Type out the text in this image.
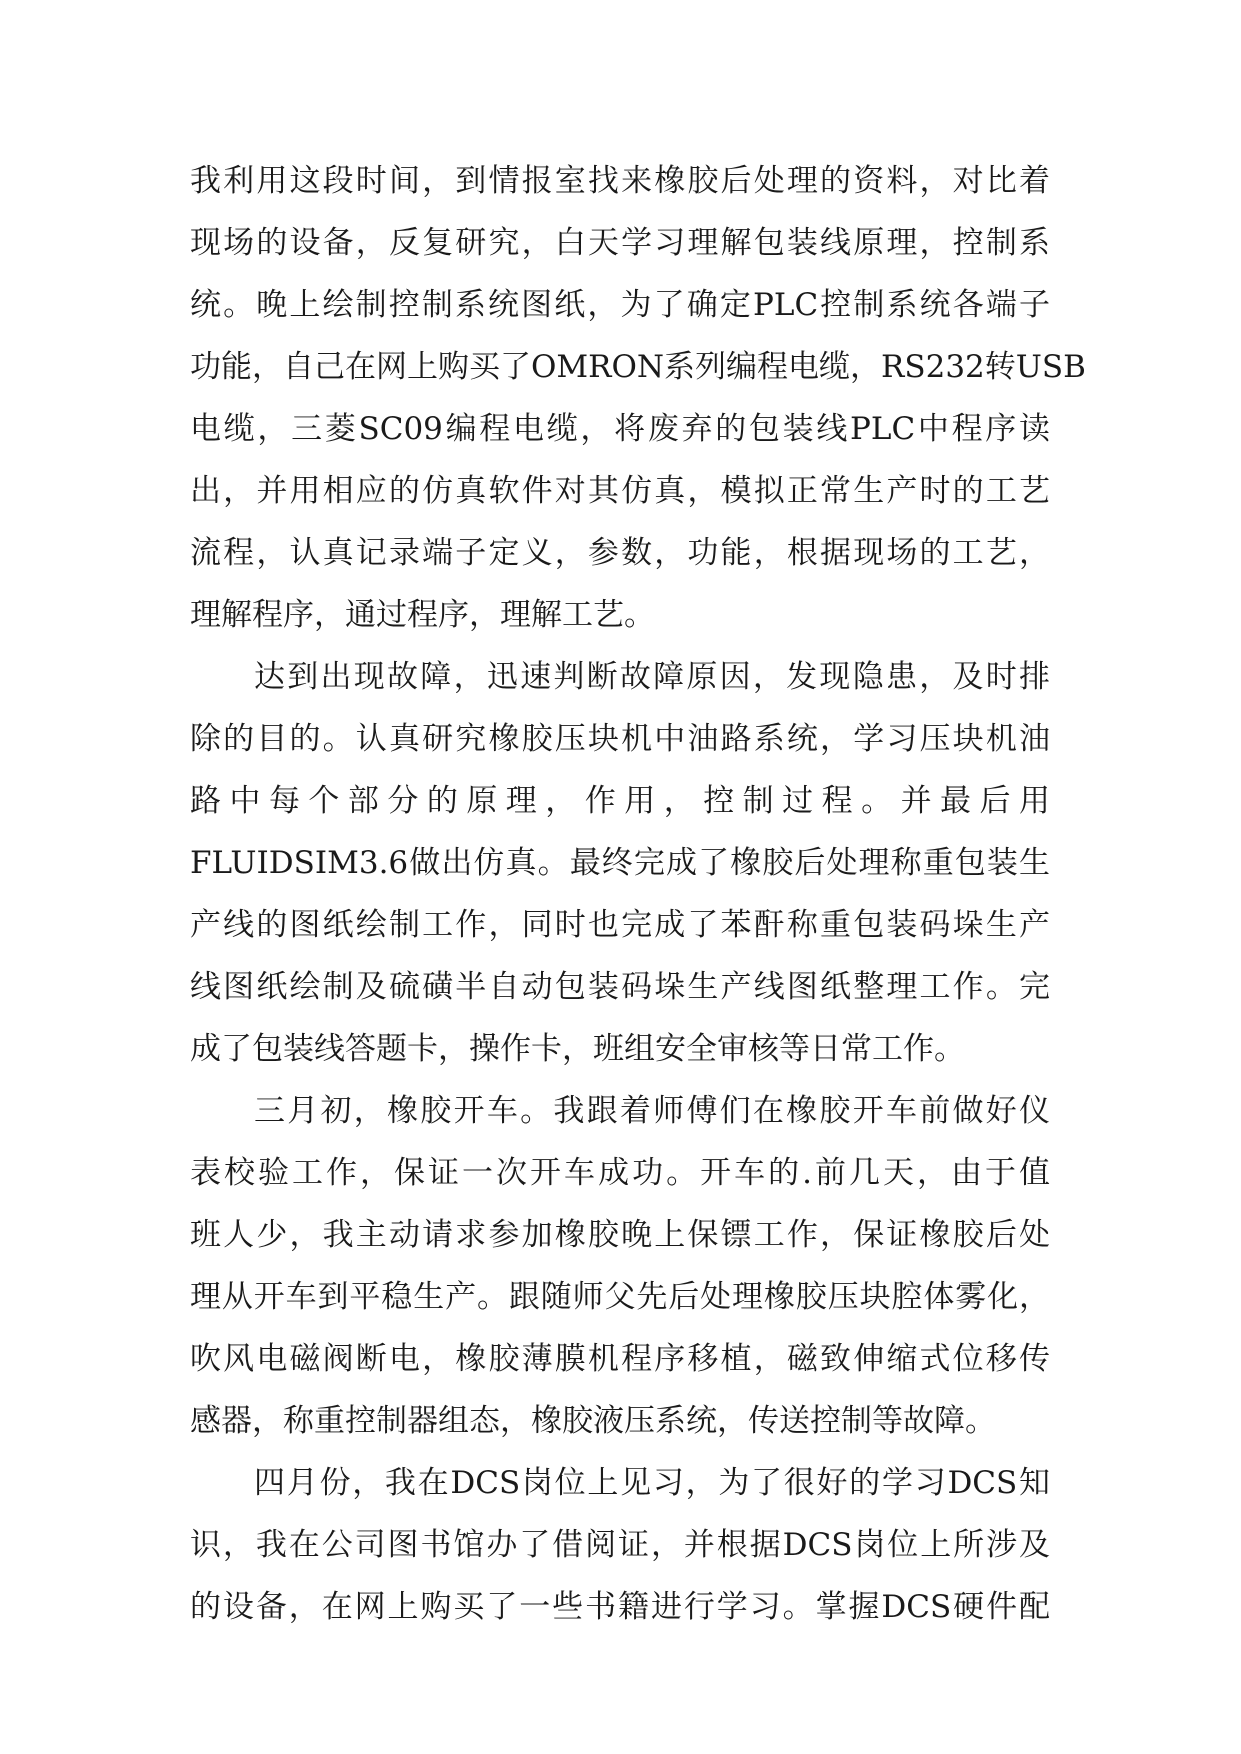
我利用这段时间，到情报室找来橡胶后处理的资料，对比着
现场的设备，反复研究，白天学习理解包装线原理，控制系
统。晚上绘制控制系统图纸，为了确定PLC控制系统各端子
功能，自己在网上购买了OMRON系列编程电缆，RS232转USB
电缆，三菱SC09编程电缆，将废弃的包装线PLC中程序读
出，并用相应的仿真软件对其仿真，模拟正常生产时的工艺
流程，认真记录端子定义，参数，功能，根据现场的工艺，
理解程序，通过程序，理解工艺。
达到出现故障，迅速判断故障原因，发现隐患，及时排
除的目的。认真研究橡胶压块机中油路系统，学习压块机油
路中每个部分的原理，作用，控制过程。并最后用
FLUIDSIM3.6做出仿真。最终完成了橡胶后处理称重包装生
产线的图纸绘制工作，同时也完成了苯酐称重包装码垛生产
线图纸绘制及硫磺半自动包装码垛生产线图纸整理工作。完
成了包装线答题卡，操作卡，班组安全审核等日常工作。
三月初，橡胶开车。我跟着师傅们在橡胶开车前做好仪
表校验工作，保证一次开车成功。开车的.前几天，由于值
班人少，我主动请求参加橡胶晚上保镖工作，保证橡胶后处
理从开车到平稳生产。跟随师父先后处理橡胶压块腔体雾化，
吹风电磁阀断电，橡胶薄膜机程序移植，磁致伸缩式位移传
感器，称重控制器组态，橡胶液压系统，传送控制等故障。
四月份，我在DCS岗位上见习，为了很好的学习DCS知
识，我在公司图书馆办了借阅证，并根据DCS岗位上所涉及
的设备，在网上购买了一些书籍进行学习。掌握DCS硬件配
